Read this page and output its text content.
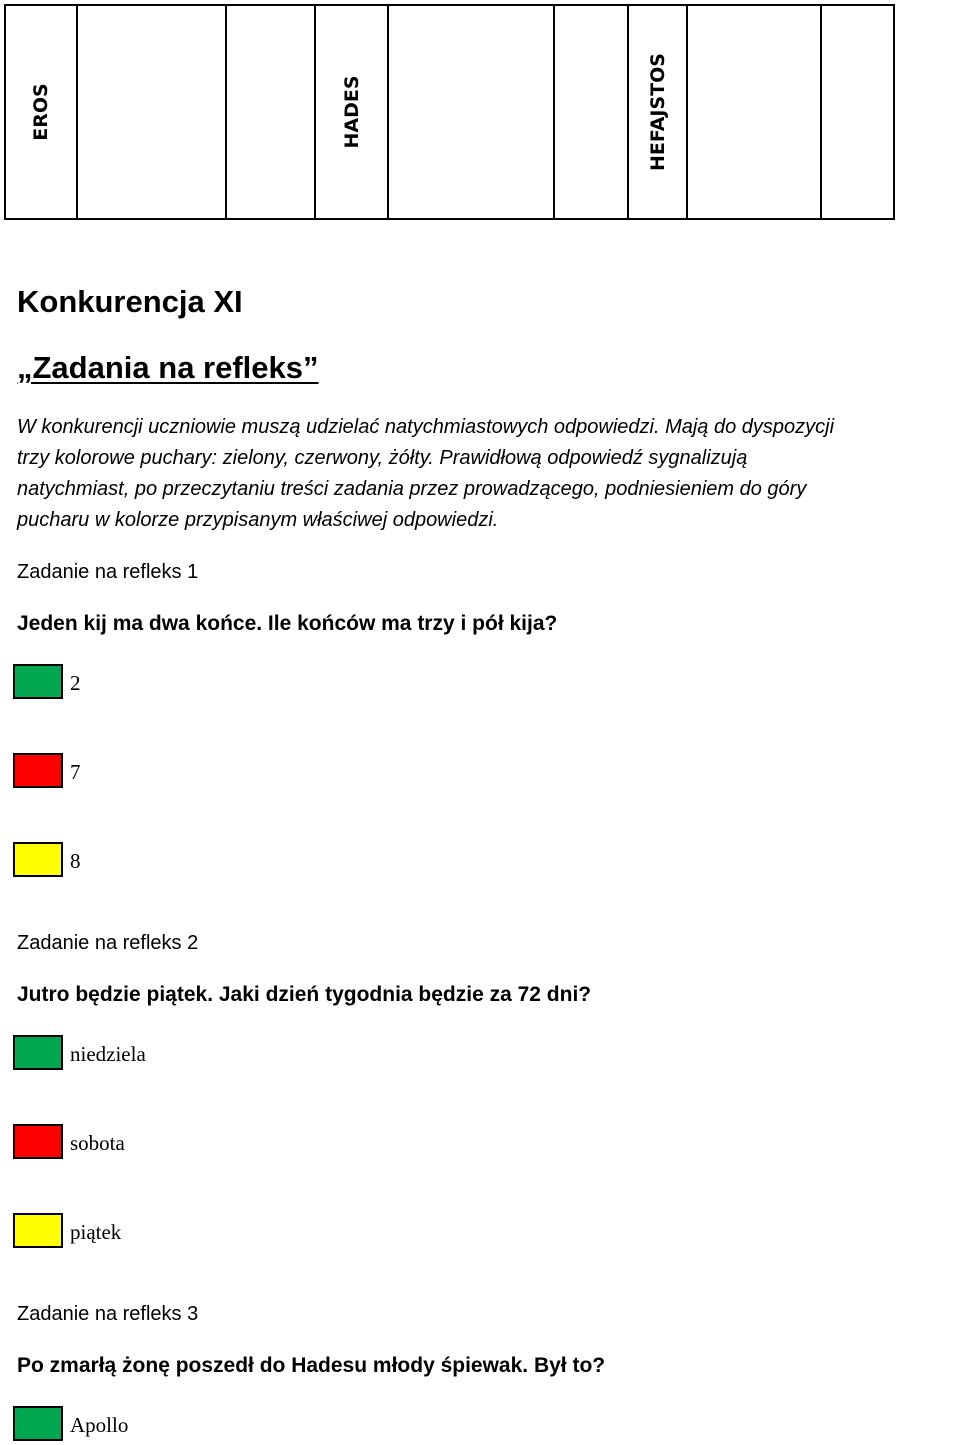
EROS	HADES	HEFAJSTOS
Konkurencja XI
„Zadania na refleks”

W konkurencji uczniowie muszą udzielać natychmiastowych odpowiedzi. Mają do dyspozycji
trzy kolorowe puchary: zielony, czerwony, żółty. Prawidłową odpowiedź sygnalizują
natychmiast, po przeczytaniu treści zadania przez prowadzącego, podniesieniem do góry
pucharu w kolorze przypisanym właściwej odpowiedzi.

Zadanie na refleks 1

Jeden kij ma dwa końce. Ile końców ma trzy i pół kija?

2
7
8

Zadanie na refleks 2

Jutro będzie piątek. Jaki dzień tygodnia będzie za 72 dni?

niedziela
sobota
piątek

Zadanie na refleks 3

Po zmarłą żonę poszedł do Hadesu młody śpiewak. Był to?

Apollo
